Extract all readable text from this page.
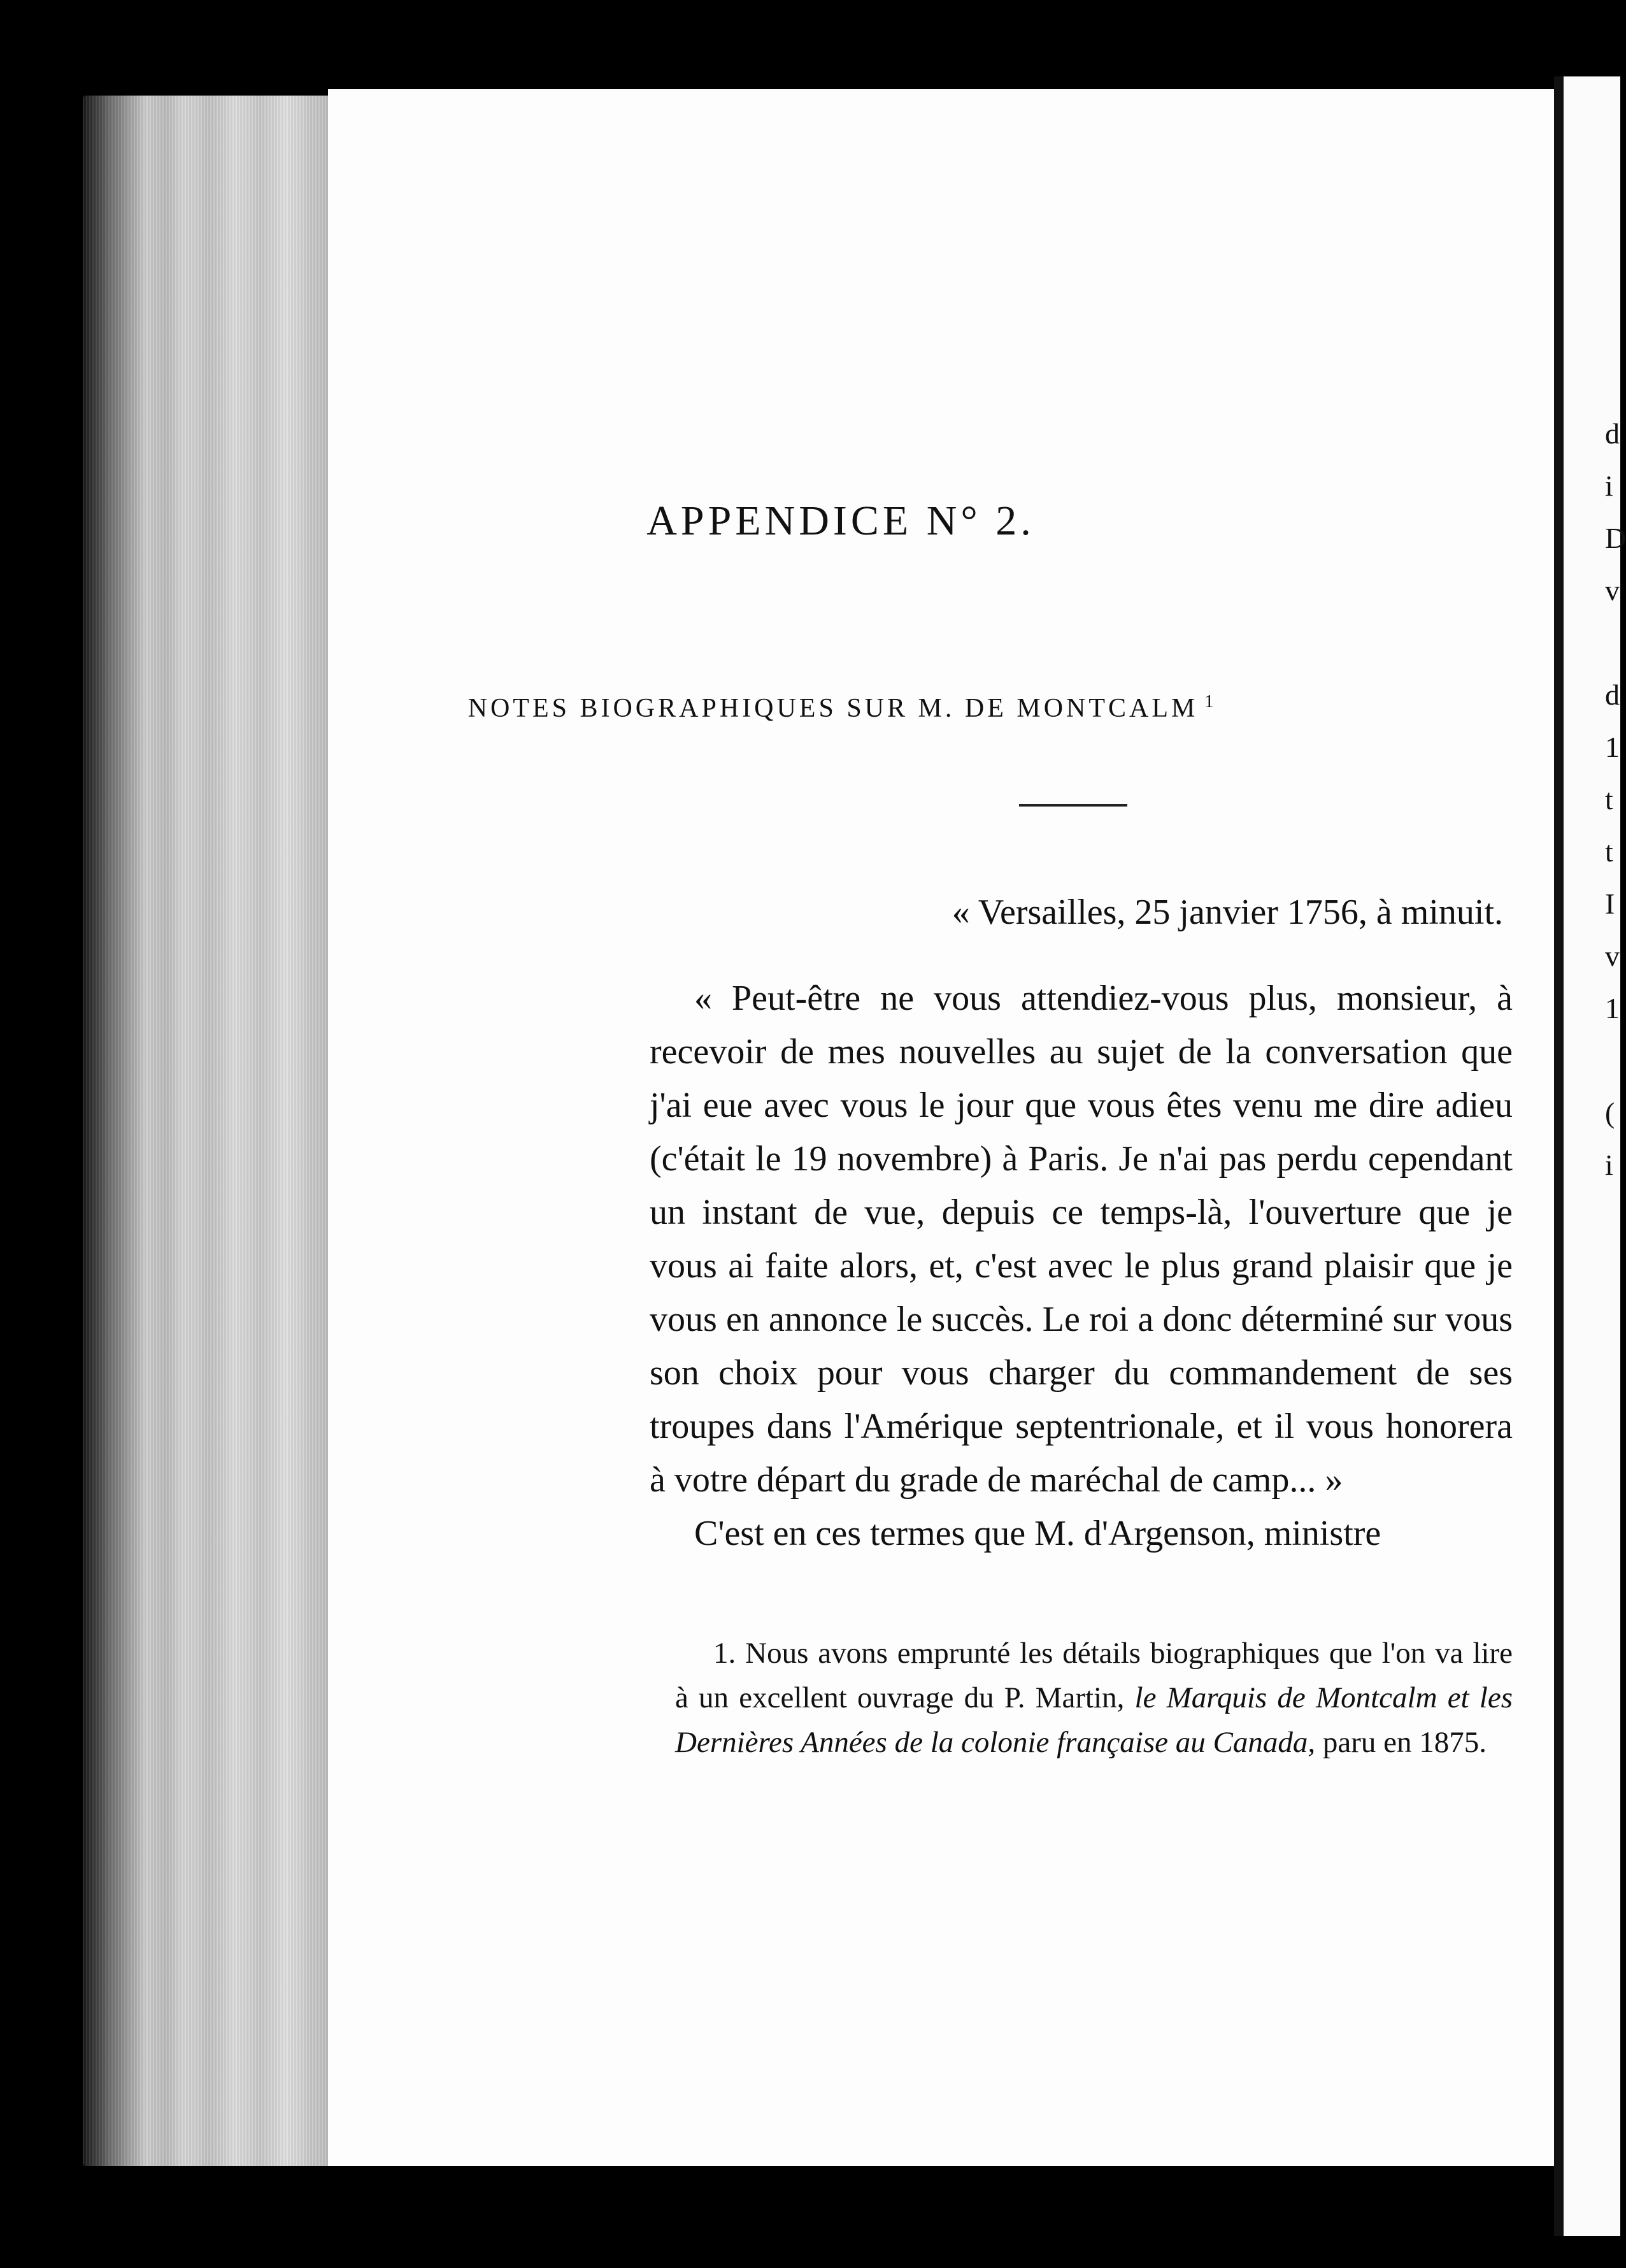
d
i
D
v

d
1
t
t
I
v
1

(
i
APPENDICE N° 2.
NOTES BIOGRAPHIQUES SUR M. DE MONTCALM $^1$
« Versailles, 25 janvier 1756, à minuit.

« Peut-être ne vous attendiez-vous plus, monsieur, à recevoir de mes nouvelles au sujet de la conversation que j'ai eue avec vous le jour que vous êtes venu me dire adieu (c'était le 19 novembre) à Paris. Je n'ai pas perdu cependant un instant de vue, depuis ce temps-là, l'ouverture que je vous ai faite alors, et, c'est avec le plus grand plaisir que je vous en annonce le succès. Le roi a donc déterminé sur vous son choix pour vous charger du commandement de ses troupes dans l'Amérique septentrionale, et il vous honorera à votre départ du grade de maréchal de camp... »

C'est en ces termes que M. d'Argenson, ministre

1. Nous avons emprunté les détails biographiques que l'on va lire à un excellent ouvrage du P. Martin, le Marquis de Montcalm et les Dernières Années de la colonie française au Canada, paru en 1875.
